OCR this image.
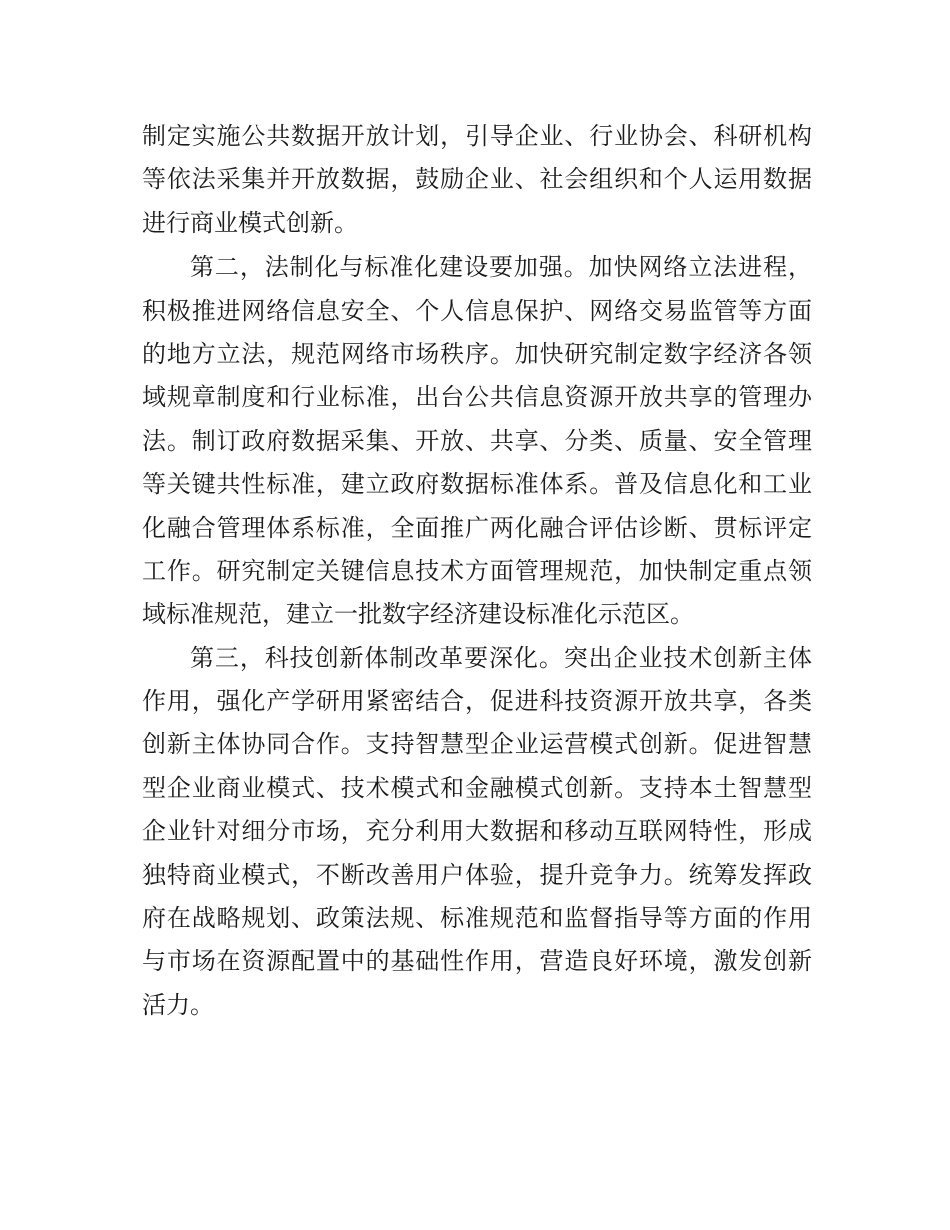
制定实施公共数据开放计划，引导企业、行业协会、科研机构
等依法采集并开放数据，鼓励企业、社会组织和个人运用数据
进行商业模式创新。
第二，法制化与标准化建设要加强。加快网络立法进程，
积极推进网络信息安全、个人信息保护、网络交易监管等方面
的地方立法，规范网络市场秩序。加快研究制定数字经济各领
域规章制度和行业标准，出台公共信息资源开放共享的管理办
法。制订政府数据采集、开放、共享、分类、质量、安全管理
等关键共性标准，建立政府数据标准体系。普及信息化和工业
化融合管理体系标准，全面推广两化融合评估诊断、贯标评定
工作。研究制定关键信息技术方面管理规范，加快制定重点领
域标准规范，建立一批数字经济建设标准化示范区。
第三，科技创新体制改革要深化。突出企业技术创新主体
作用，强化产学研用紧密结合，促进科技资源开放共享，各类
创新主体协同合作。支持智慧型企业运营模式创新。促进智慧
型企业商业模式、技术模式和金融模式创新。支持本土智慧型
企业针对细分市场，充分利用大数据和移动互联网特性，形成
独特商业模式，不断改善用户体验，提升竞争力。统筹发挥政
府在战略规划、政策法规、标准规范和监督指导等方面的作用
与市场在资源配置中的基础性作用，营造良好环境，激发创新
活力。
